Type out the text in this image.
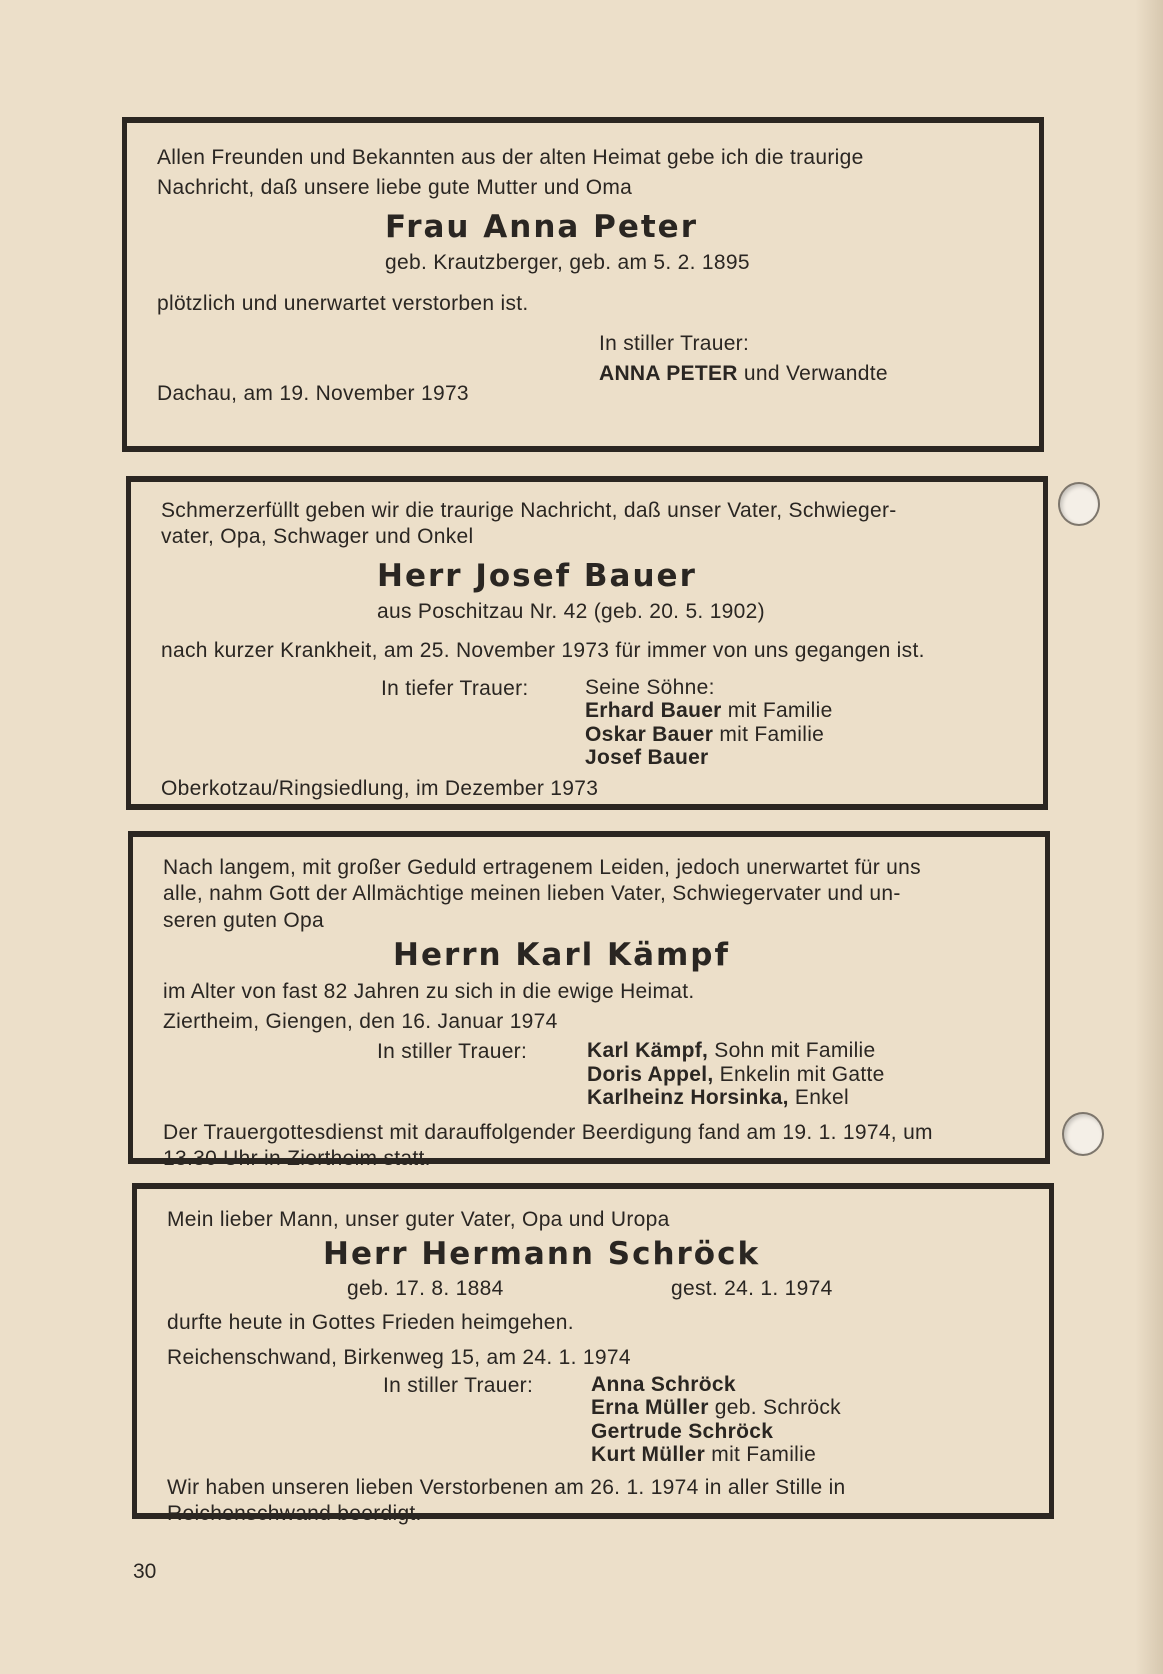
Allen Freunden und Bekannten aus der alten Heimat gebe ich die traurige

Nachricht, daß unsere liebe gute Mutter und Oma

Frau Anna Peter

geb. Krautzberger, geb. am 5. 2. 1895

plötzlich und unerwartet verstorben ist.

Dachau, am 19. November 1973

In stiller Trauer:

ANNA PETER und Verwandte

Schmerzerfüllt geben wir die traurige Nachricht, daß unser Vater, Schwieger-

vater, Opa, Schwager und Onkel

Herr Josef Bauer

aus Poschitzau Nr. 42 (geb. 20. 5. 1902)

nach kurzer Krankheit, am 25. November 1973 für immer von uns gegangen ist.

In tiefer Trauer:	Seine Söhne:
Erhard Bauer mit Familie
Oskar Bauer mit Familie
Josef Bauer

Oberkotzau/Ringsiedlung, im Dezember 1973

Nach langem, mit großer Geduld ertragenem Leiden, jedoch unerwartet für uns

alle, nahm Gott der Allmächtige meinen lieben Vater, Schwiegervater und un-

seren guten Opa

Herrn Karl Kämpf

im Alter von fast 82 Jahren zu sich in die ewige Heimat.

Ziertheim, Giengen, den 16. Januar 1974

In stiller Trauer:	Karl Kämpf, Sohn mit Familie
Doris Appel, Enkelin mit Gatte
Karlheinz Horsinka, Enkel

Der Trauergottesdienst mit darauffolgender Beerdigung fand am 19. 1. 1974, um

13.30 Uhr in Ziertheim statt.

Mein lieber Mann, unser guter Vater, Opa und Uropa

Herr Hermann Schröck

geb. 17. 8. 1884	gest. 24. 1. 1974

durfte heute in Gottes Frieden heimgehen.

Reichenschwand, Birkenweg 15, am 24. 1. 1974

In stiller Trauer:	Anna Schröck
Erna Müller geb. Schröck
Gertrude Schröck
Kurt Müller mit Familie

Wir haben unseren lieben Verstorbenen am 26. 1. 1974 in aller Stille in

Reichenschwand beerdigt.

30
